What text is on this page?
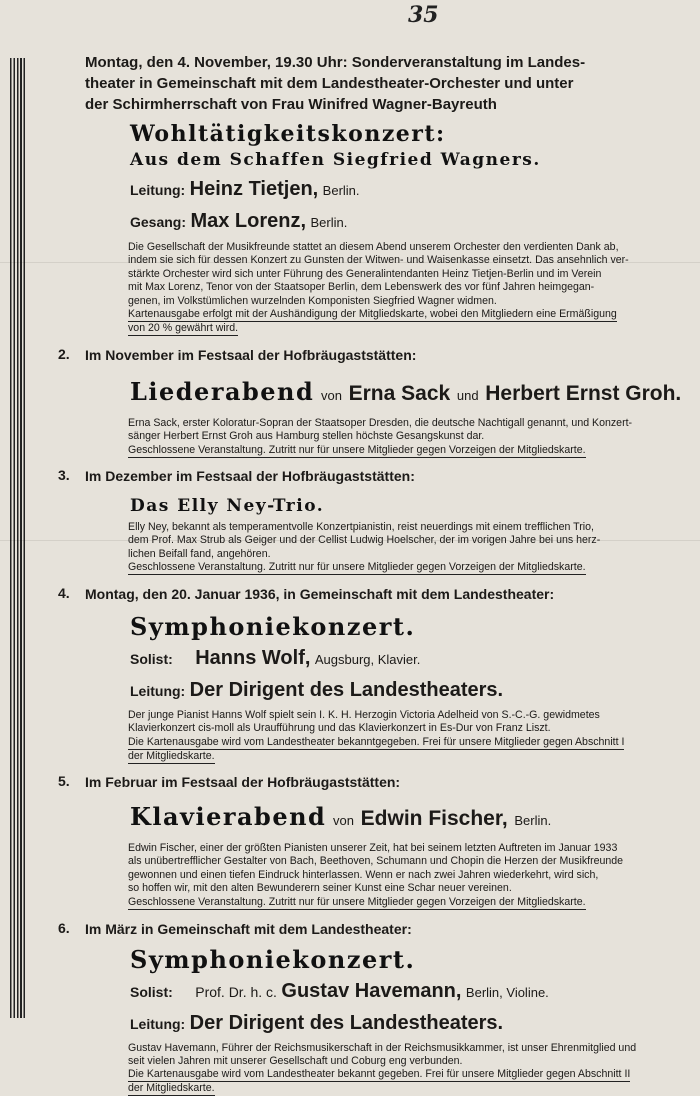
35
Montag, den 4. November, 19.30 Uhr: Sonderveranstaltung im Landes-
theater in Gemeinschaft mit dem Landestheater-Orchester und unter
der Schirmherrschaft von Frau Winifred Wagner-Bayreuth
Wohltätigkeitskonzert:
Aus dem Schaffen Siegfried Wagners.
Leitung: Heinz Tietjen, Berlin.
Gesang: Max Lorenz, Berlin.
Die Gesellschaft der Musikfreunde stattet an diesem Abend unserem Orchester den verdienten Dank ab,
indem sie sich für dessen Konzert zu Gunsten der Witwen- und Waisenkasse einsetzt. Das ansehnlich ver-
stärkte Orchester wird sich unter Führung des Generalintendanten Heinz Tietjen-Berlin und im Verein
mit Max Lorenz, Tenor von der Staatsoper Berlin, dem Lebenswerk des vor fünf Jahren heimgegan-
genen, im Volkstümlichen wurzelnden Komponisten Siegfried Wagner widmen.
Kartenausgabe erfolgt mit der Aushändigung der Mitgliedskarte, wobei den Mitgliedern eine Ermäßigung
von 20 % gewährt wird.
2. Im November im Festsaal der Hofbräugaststätten:
Liederabend von Erna Sack und Herbert Ernst Groh.
Erna Sack, erster Koloratur-Sopran der Staatsoper Dresden, die deutsche Nachtigall genannt, und Konzert-
sänger Herbert Ernst Groh aus Hamburg stellen höchste Gesangskunst dar.
Geschlossene Veranstaltung. Zutritt nur für unsere Mitglieder gegen Vorzeigen der Mitgliedskarte.
3. Im Dezember im Festsaal der Hofbräugaststätten:
Das Elly Ney-Trio.
Elly Ney, bekannt als temperamentvolle Konzertpianistin, reist neuerdings mit einem trefflichen Trio,
dem Prof. Max Strub als Geiger und der Cellist Ludwig Hoelscher, der im vorigen Jahre bei uns herz-
lichen Beifall fand, angehören.
Geschlossene Veranstaltung. Zutritt nur für unsere Mitglieder gegen Vorzeigen der Mitgliedskarte.
4. Montag, den 20. Januar 1936, in Gemeinschaft mit dem Landestheater:
Symphoniekonzert.
Solist: Hanns Wolf, Augsburg, Klavier.
Leitung: Der Dirigent des Landestheaters.
Der junge Pianist Hanns Wolf spielt sein I. K. H. Herzogin Victoria Adelheid von S.-C.-G. gewidmetes
Klavierkonzert cis-moll als Uraufführung und das Klavierkonzert in Es-Dur von Franz Liszt.
Die Kartenausgabe wird vom Landestheater bekanntgegeben. Frei für unsere Mitglieder gegen Abschnitt I
der Mitgliedskarte.
5. Im Februar im Festsaal der Hofbräugaststätten:
Klavierabend von Edwin Fischer, Berlin.
Edwin Fischer, einer der größten Pianisten unserer Zeit, hat bei seinem letzten Auftreten im Januar 1933
als unübertrefflicher Gestalter von Bach, Beethoven, Schumann und Chopin die Herzen der Musikfreunde
gewonnen und einen tiefen Eindruck hinterlassen. Wenn er nach zwei Jahren wiederkehrt, wird sich,
so hoffen wir, mit den alten Bewunderern seiner Kunst eine Schar neuer vereinen.
Geschlossene Veranstaltung. Zutritt nur für unsere Mitglieder gegen Vorzeigen der Mitgliedskarte.
6. Im März in Gemeinschaft mit dem Landestheater:
Symphoniekonzert.
Solist: Prof. Dr. h. c. Gustav Havemann, Berlin, Violine.
Leitung: Der Dirigent des Landestheaters.
Gustav Havemann, Führer der Reichsmusikerschaft in der Reichsmusikkammer, ist unser Ehrenmitglied und
seit vielen Jahren mit unserer Gesellschaft und Coburg eng verbunden.
Die Kartenausgabe wird vom Landestheater bekannt gegeben. Frei für unsere Mitglieder gegen Abschnitt II
der Mitgliedskarte.
